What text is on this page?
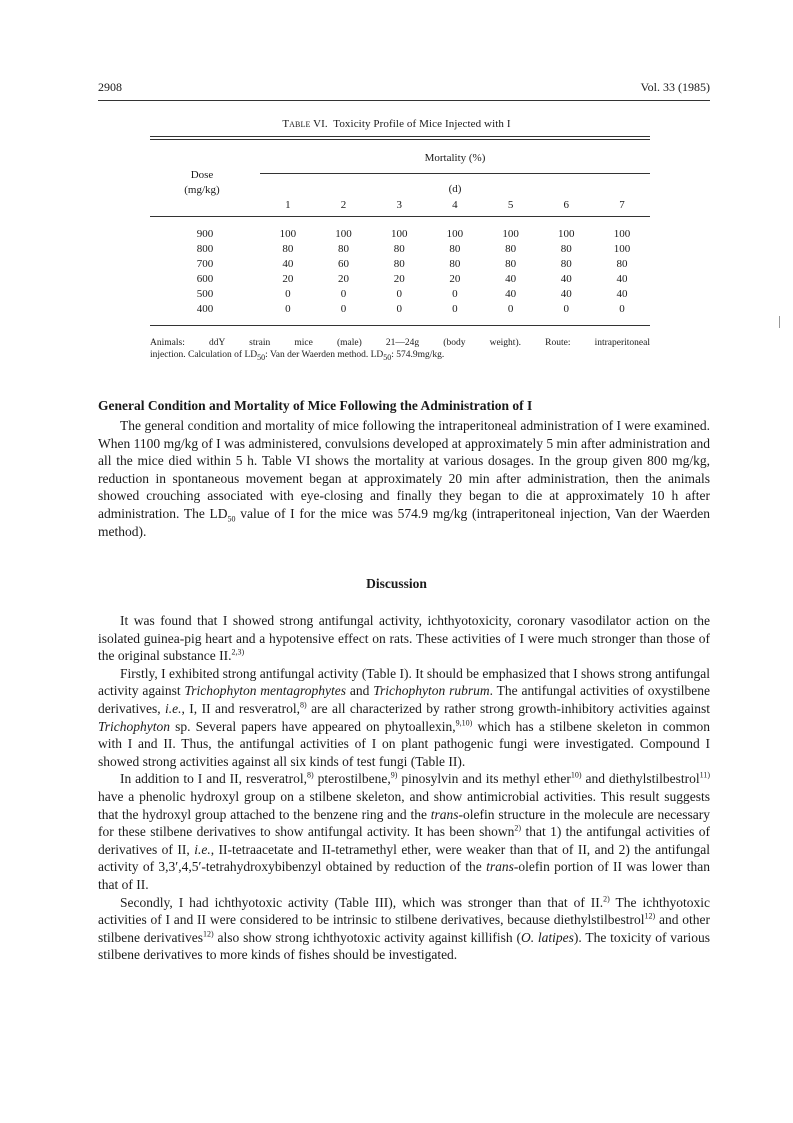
2908	Vol. 33 (1985)
Table VI. Toxicity Profile of Mice Injected with I
Dose
(mg/kg)
Mortality (%)
(d)
1	2	3	4	5	6	7
900	100	100	100	100	100	100	100
800	80	80	80	80	80	80	100
700	40	60	80	80	80	80	80
600	20	20	20	20	40	40	40
500	0	0	0	0	40	40	40
400	0	0	0	0	0	0	0
Animals: ddY strain mice (male) 21—24g (body weight). Route: intraperitoneal
injection. Calculation of $LD_{50}$: Van der Waerden method. $LD_{50}$: 574.9mg/kg.
General Condition and Mortality of Mice Following the Administration of I

The general condition and mortality of mice following the intraperitoneal administration of I were examined. When 1100 mg/kg of I was administered, convulsions developed at approximately 5 min after administration and all the mice died within 5 h. Table VI shows the mortality at various dosages. In the group given 800 mg/kg, reduction in spontaneous movement began at approximately 20 min after administration, then the animals showed crouching associated with eye-closing and finally they began to die at approximately 10 h after administration. The $LD_{50}$ value of I for the mice was 574.9 mg/kg (intraperitoneal injection, Van der Waerden method).

Discussion

It was found that I showed strong antifungal activity, ichthyotoxicity, coronary vasodilator action on the isolated guinea-pig heart and a hypotensive effect on rats. These activities of I were much stronger than those of the original substance II.$^{2,3)}$

Firstly, I exhibited strong antifungal activity (Table I). It should be emphasized that I shows strong antifungal activity against Trichophyton mentagrophytes and Trichophyton rubrum. The antifungal activities of oxystilbene derivatives, i.e., I, II and resveratrol,$^{8)}$ are all characterized by rather strong growth-inhibitory activities against Trichophyton sp. Several papers have appeared on phytoallexin,$^{9,10)}$ which has a stilbene skeleton in common with I and II. Thus, the antifungal activities of I on plant pathogenic fungi were investigated. Compound I showed strong activities against all six kinds of test fungi (Table II).

In addition to I and II, resveratrol,$^{8)}$ pterostilbene,$^{9)}$ pinosylvin and its methyl ether$^{10)}$ and diethylstilbestrol$^{11)}$ have a phenolic hydroxyl group on a stilbene skeleton, and show antimicrobial activities. This result suggests that the hydroxyl group attached to the benzene ring and the trans-olefin structure in the molecule are necessary for these stilbene derivatives to show antifungal activity. It has been shown$^{2)}$ that 1) the antifungal activities of derivatives of II, i.e., II-tetraacetate and II-tetramethyl ether, were weaker than that of II, and 2) the antifungal activity of 3,3′,4,5′-tetrahydroxybibenzyl obtained by reduction of the trans-olefin portion of II was lower than that of II.

Secondly, I had ichthyotoxic activity (Table III), which was stronger than that of II.$^{2)}$ The ichthyotoxic activities of I and II were considered to be intrinsic to stilbene derivatives, because diethylstilbestrol$^{12)}$ and other stilbene derivatives$^{12)}$ also show strong ichthyotoxic activity against killifish (O. latipes). The toxicity of various stilbene derivatives to more kinds of fishes should be investigated.
